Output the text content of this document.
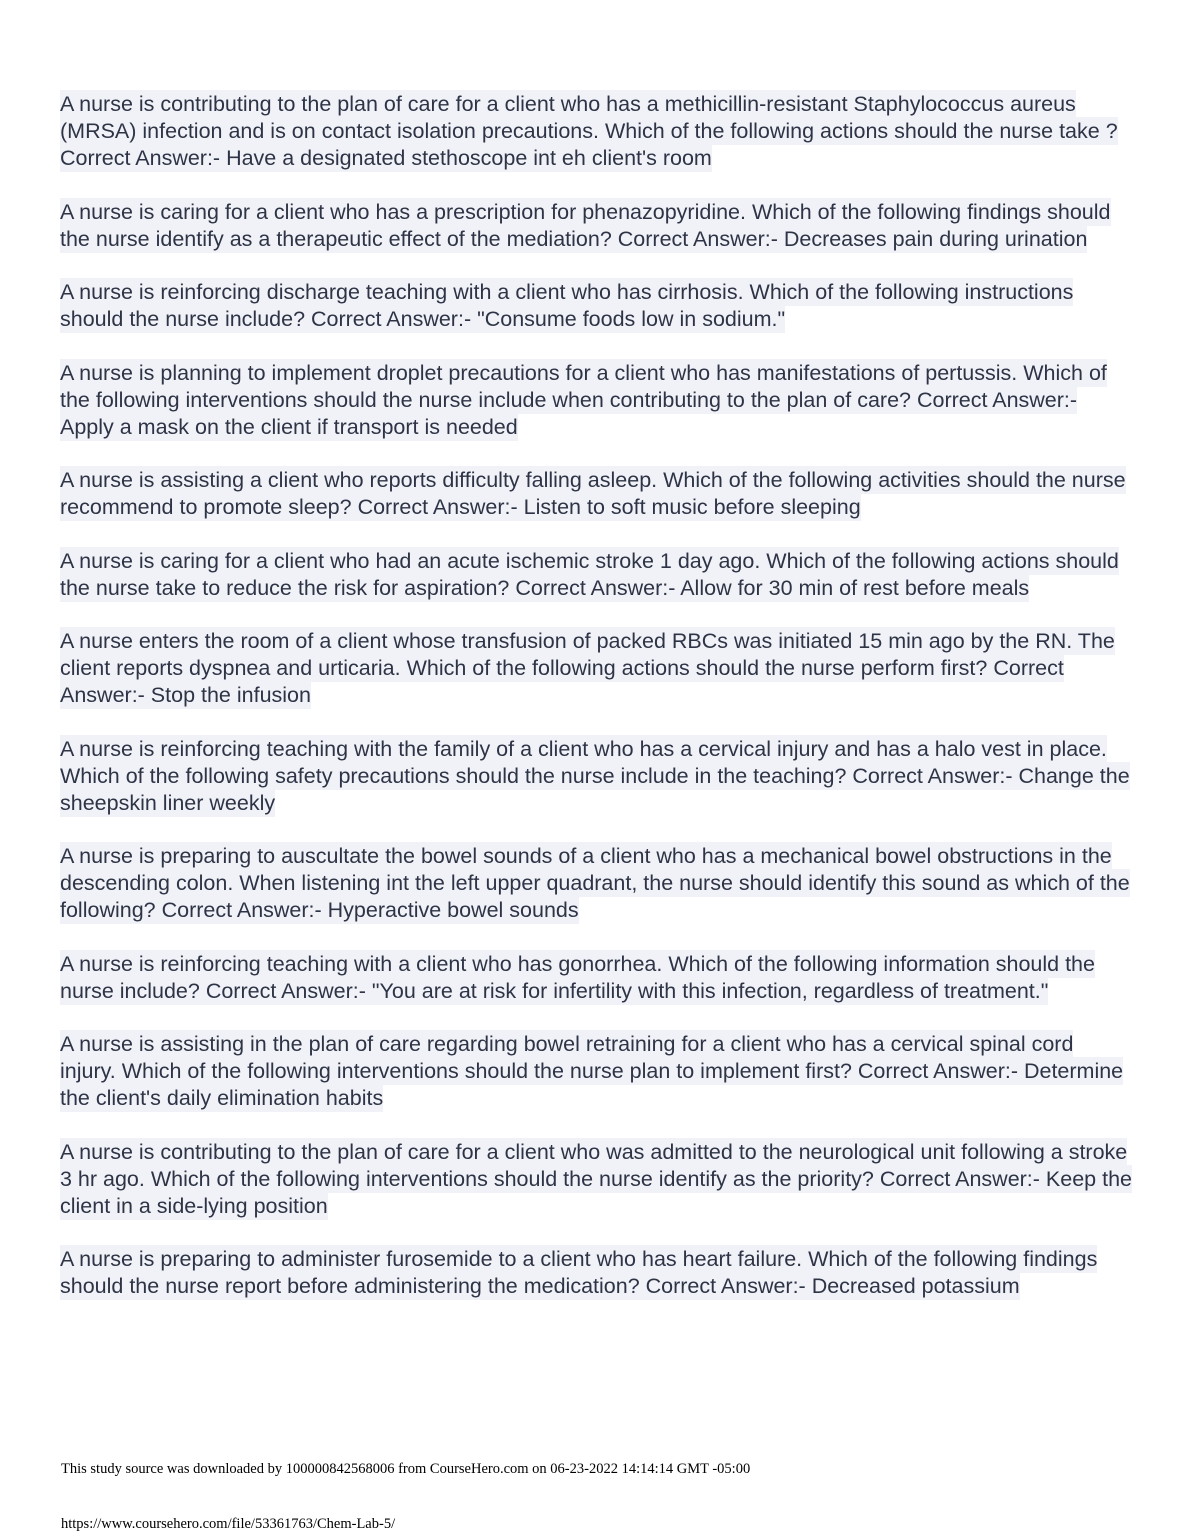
A nurse is contributing to the plan of care for a client who has a methicillin-resistant Staphylococcus aureus (MRSA) infection and is on contact isolation precautions. Which of the following actions should the nurse take ? Correct Answer:- Have a designated stethoscope int eh client's room

A nurse is caring for a client who has a prescription for phenazopyridine. Which of the following findings should the nurse identify as a therapeutic effect of the mediation? Correct Answer:- Decreases pain during urination

A nurse is reinforcing discharge teaching with a client who has cirrhosis. Which of the following instructions should the nurse include? Correct Answer:- "Consume foods low in sodium."

A nurse is planning to implement droplet precautions for a client who has manifestations of pertussis. Which of the following interventions should the nurse include when contributing to the plan of care? Correct Answer:- Apply a mask on the client if transport is needed

A nurse is assisting a client who reports difficulty falling asleep. Which of the following activities should the nurse recommend to promote sleep? Correct Answer:- Listen to soft music before sleeping

A nurse is caring for a client who had an acute ischemic stroke 1 day ago. Which of the following actions should the nurse take to reduce the risk for aspiration? Correct Answer:- Allow for 30 min of rest before meals

A nurse enters the room of a client whose transfusion of packed RBCs was initiated 15 min ago by the RN. The client reports dyspnea and urticaria. Which of the following actions should the nurse perform first? Correct Answer:- Stop the infusion

A nurse is reinforcing teaching with the family of a client who has a cervical injury and has a halo vest in place. Which of the following safety precautions should the nurse include in the teaching? Correct Answer:- Change the sheepskin liner weekly

A nurse is preparing to auscultate the bowel sounds of a client who has a mechanical bowel obstructions in the descending colon. When listening int the left upper quadrant, the nurse should identify this sound as which of the following? Correct Answer:- Hyperactive bowel sounds

A nurse is reinforcing teaching with a client who has gonorrhea. Which of the following information should the nurse include? Correct Answer:- "You are at risk for infertility with this infection, regardless of treatment."

A nurse is assisting in the plan of care regarding bowel retraining for a client who has a cervical spinal cord injury. Which of the following interventions should the nurse plan to implement first? Correct Answer:- Determine the client's daily elimination habits

A nurse is contributing to the plan of care for a client who was admitted to the neurological unit following a stroke 3 hr ago. Which of the following interventions should the nurse identify as the priority? Correct Answer:- Keep the client in a side-lying position

A nurse is preparing to administer furosemide to a client who has heart failure. Which of the following findings should the nurse report before administering the medication? Correct Answer:- Decreased potassium

This study source was downloaded by 100000842568006 from CourseHero.com on 06-23-2022 14:14:14 GMT -05:00

https://www.coursehero.com/file/53361763/Chem-Lab-5/
